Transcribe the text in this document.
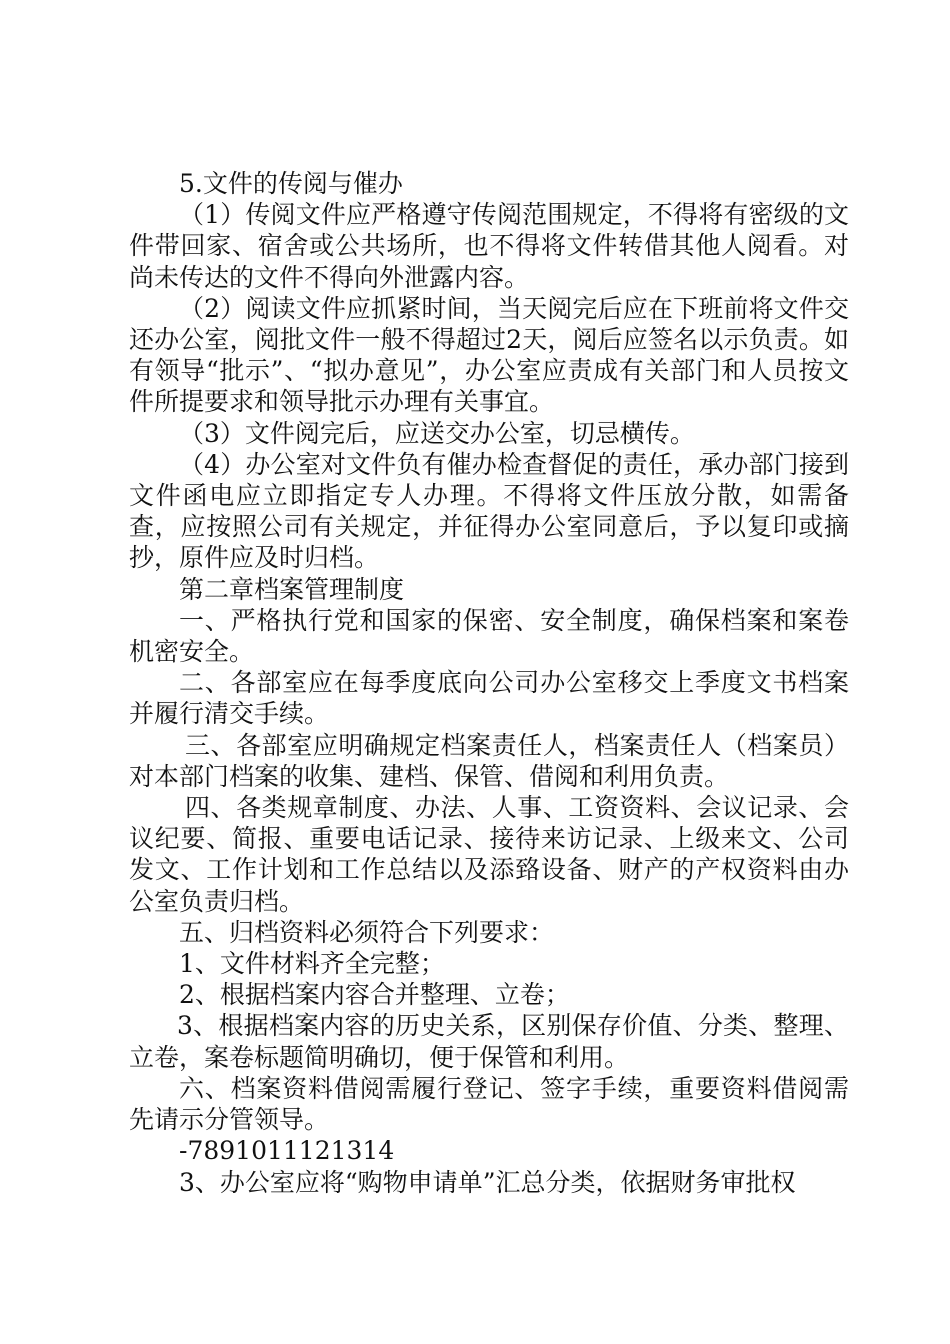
5.文件的传阅与催办

（1）传阅文件应严格遵守传阅范围规定，不得将有密级的文件带回家、宿舍或公共场所，也不得将文件转借其他人阅看。对尚未传达的文件不得向外泄露内容。

（2）阅读文件应抓紧时间，当天阅完后应在下班前将文件交还办公室，阅批文件一般不得超过2天，阅后应签名以示负责。如有领导“批示”、“拟办意见”，办公室应责成有关部门和人员按文件所提要求和领导批示办理有关事宜。

（3）文件阅完后，应送交办公室，切忌横传。

（4）办公室对文件负有催办检查督促的责任，承办部门接到文件函电应立即指定专人办理。不得将文件压放分散，如需备查，应按照公司有关规定，并征得办公室同意后，予以复印或摘抄，原件应及时归档。

第二章档案管理制度

一、严格执行党和国家的保密、安全制度，确保档案和案卷机密安全。

二、各部室应在每季度底向公司办公室移交上季度文书档案并履行清交手续。

三、各部室应明确规定档案责任人，档案责任人（档案员）对本部门档案的收集、建档、保管、借阅和利用负责。

四、各类规章制度、办法、人事、工资资料、会议记录、会议纪要、简报、重要电话记录、接待来访记录、上级来文、公司发文、工作计划和工作总结以及添臵设备、财产的产权资料由办公室负责归档。

五、归档资料必须符合下列要求：

1、文件材料齐全完整；

2、根据档案内容合并整理、立卷；

3、根据档案内容的历史关系，区别保存价值、分类、整理、立卷，案卷标题简明确切，便于保管和利用。

六、档案资料借阅需履行登记、签字手续，重要资料借阅需先请示分管领导。

-7891011121314

3、办公室应将“购物申请单”汇总分类，依据财务审批权
